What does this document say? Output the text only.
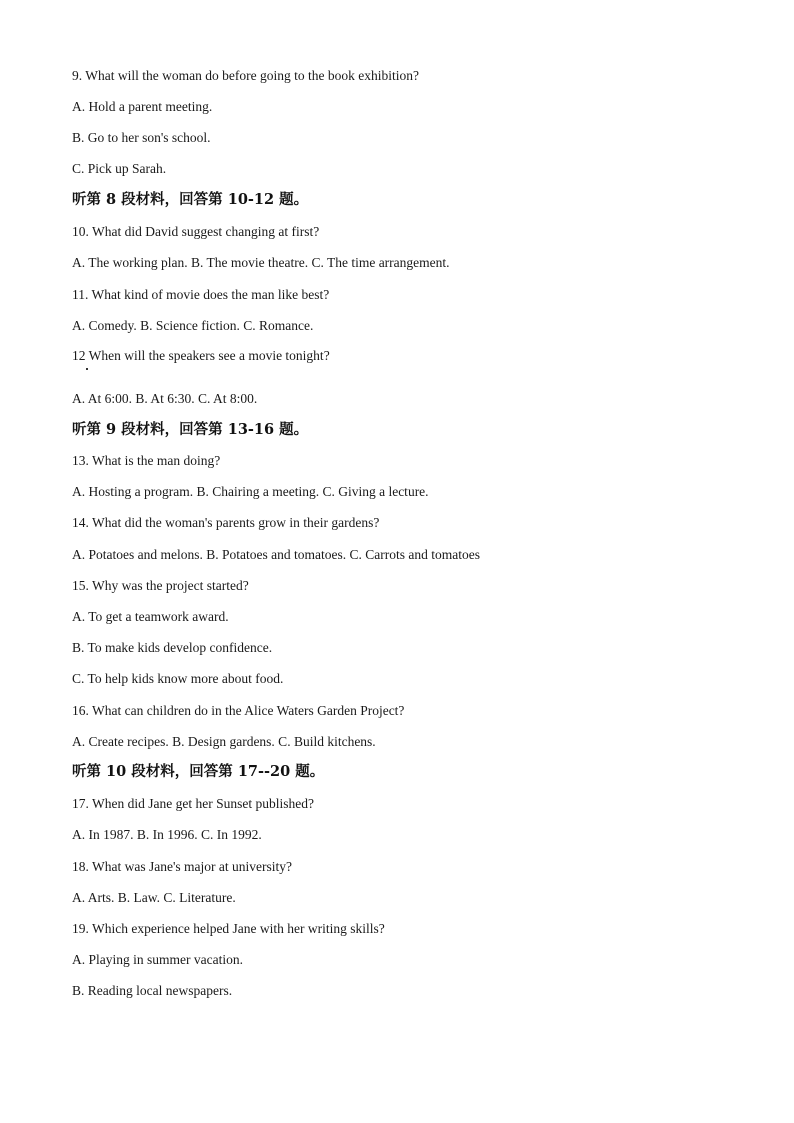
9. What will the woman do before going to the book exhibition?
A. Hold a parent meeting.
B. Go to her son's school.
C. Pick up Sarah.
听第 8 段材料，回答第 10-12 题。
10. What did David suggest changing at first?
A. The working plan. B. The movie theatre. C. The time arrangement.
11. What kind of movie does the man like best?
A. Comedy. B. Science fiction. C. Romance.
12 When will the speakers see a movie tonight?
A. At 6:00. B. At 6:30. C. At 8:00.
听第 9 段材料，回答第 13-16 题。
13. What is the man doing?
A. Hosting a program. B. Chairing a meeting. C. Giving a lecture.
14. What did the woman's parents grow in their gardens?
A. Potatoes and melons. B. Potatoes and tomatoes. C. Carrots and tomatoes
15. Why was the project started?
A. To get a teamwork award.
B. To make kids develop confidence.
C. To help kids know more about food.
16. What can children do in the Alice Waters Garden Project?
A. Create recipes. B. Design gardens. C. Build kitchens.
听第 10 段材料，回答第 17--20 题。
17. When did Jane get her Sunset published?
A. In 1987. B. In 1996. C. In 1992.
18. What was Jane's major at university?
A. Arts. B. Law. C. Literature.
19. Which experience helped Jane with her writing skills?
A. Playing in summer vacation.
B. Reading local newspapers.
